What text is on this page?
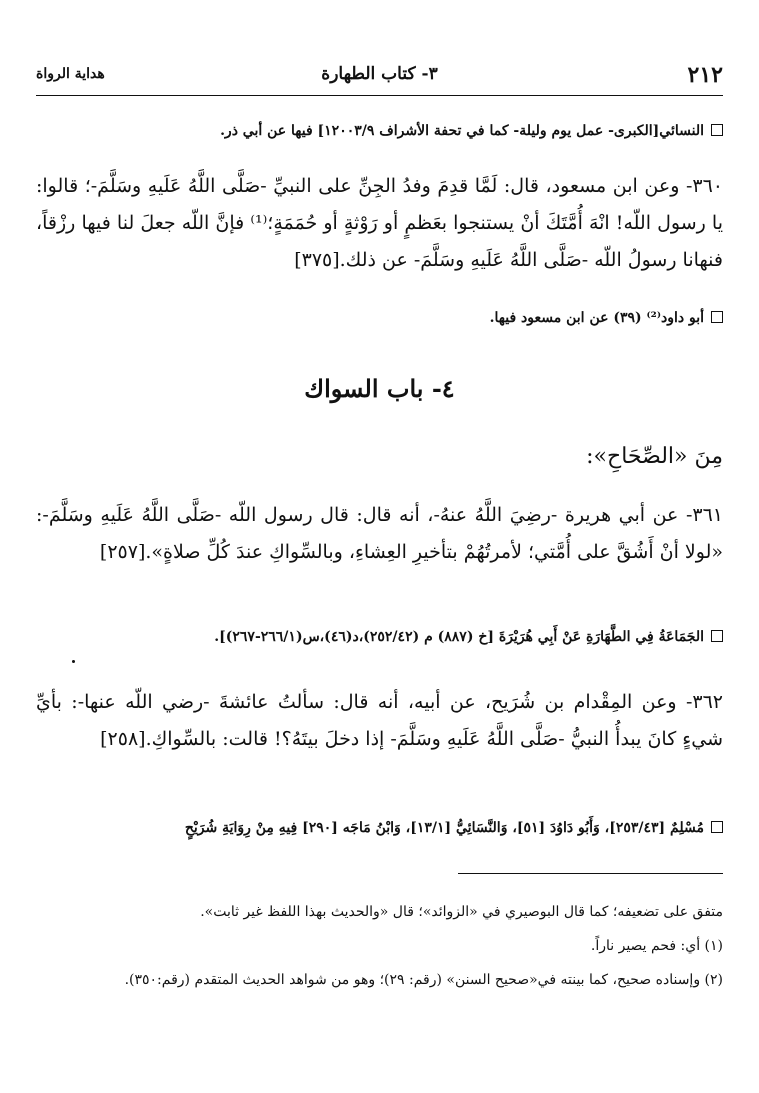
٢١٢
٣- كتاب الطهارة
هداية الرواة
النسائي[الكبرى- عمل يوم وليلة- كما في تحفة الأشراف ١٢٠٠٣/٩] فيها عن أبي ذر.
٣٦٠- وعن ابن مسعود، قال: لَمَّا قدِمَ وفدُ الجِنِّ على النبيِّ -صَلَّى اللَّهُ عَلَيهِ وسَلَّمَ-؛ قالوا: يا رسول اللّه! انْهَ أُمَّتَكَ أنْ يستنجوا بعَظمٍ أو رَوْثةٍ أو حُمَمَةٍ؛⁽¹⁾ فإنَّ اللّه جعلَ لنا فيها رزْقاً، فنهانا رسولُ اللّه -صَلَّى اللَّهُ عَلَيهِ وسَلَّمَ- عن ذلك.[٣٧٥]
أبو داود⁽²⁾ (٣٩) عن ابن مسعود فيها.
٤- باب السواك
مِنَ «الصِّحَاحِ»:
٣٦١- عن أبي هريرة -رضِيَ اللَّهُ عنهُ-، أنه قال: قال رسول اللّه -صَلَّى اللَّهُ عَلَيهِ وسَلَّمَ-: «لولا أنْ أَشُقَّ على أُمَّتي؛ لأمرتُهُمْ بتأخيرِ العِشاءِ، وبالسِّواكِ عندَ كُلِّ صلاةٍ».[٢٥٧]
الجَمَاعَةُ فِي الطَّهَارَةِ عَنْ أَبِي هُرَيْرَةَ [خ (٨٨٧) م (٢٥٢/٤٢)،د(٤٦)،س(٢٦٦/١-٢٦٧)].
٣٦٢- وعن المِقْدام بن شُرَيح، عن أبيه، أنه قال: سألتُ عائشةَ -رضي اللّه عنها-: بأيِّ شيءٍ كانَ يبدأُ النبيُّ -صَلَّى اللَّهُ عَلَيهِ وسَلَّمَ- إذا دخلَ بيتَهُ؟! قالت: بالسِّواكِ.[٢٥٨]
مُسْلِمٌ [٢٥٣/٤٣]، وَأَبُو دَاوُدَ [٥١]، وَالنَّسَائِيُّ [١٣/١]، وَابْنُ مَاجَه [٢٩٠] فِيهِ مِنْ رِوَايَةِ شُرَيْحٍ
متفق على تضعيفه؛ كما قال البوصيري في «الزوائد»؛ قال «والحديث بهذا اللفظ غير ثابت».
(١) أي: فحم يصير ناراً.
(٢) وإسناده صحيح، كما بينته في«صحيح السنن» (رقم: ٢٩)؛ وهو من شواهد الحديث المتقدم (رقم:٣٥٠).
